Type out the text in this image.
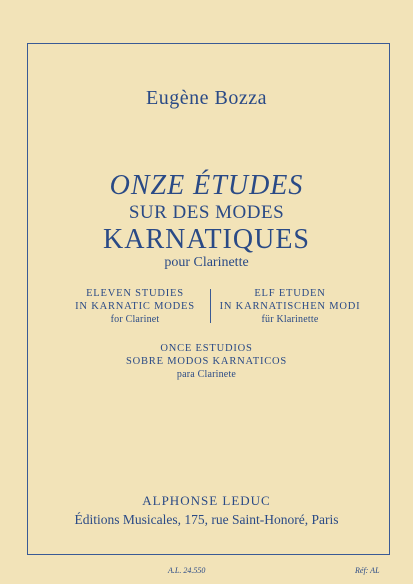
Eugène Bozza
ONZE ÉTUDES
SUR DES MODES
KARNATIQUES
pour Clarinette
ELEVEN STUDIES
IN KARNATIC MODES
for Clarinet
ELF ETUDEN
IN KARNATISCHEN MODI
für Klarinette
ONCE ESTUDIOS
SOBRE MODOS KARNATICOS
para Clarinete
ALPHONSE LEDUC
Éditions Musicales, 175, rue Saint-Honoré, Paris
A.L. 24.550	Réf: AL
